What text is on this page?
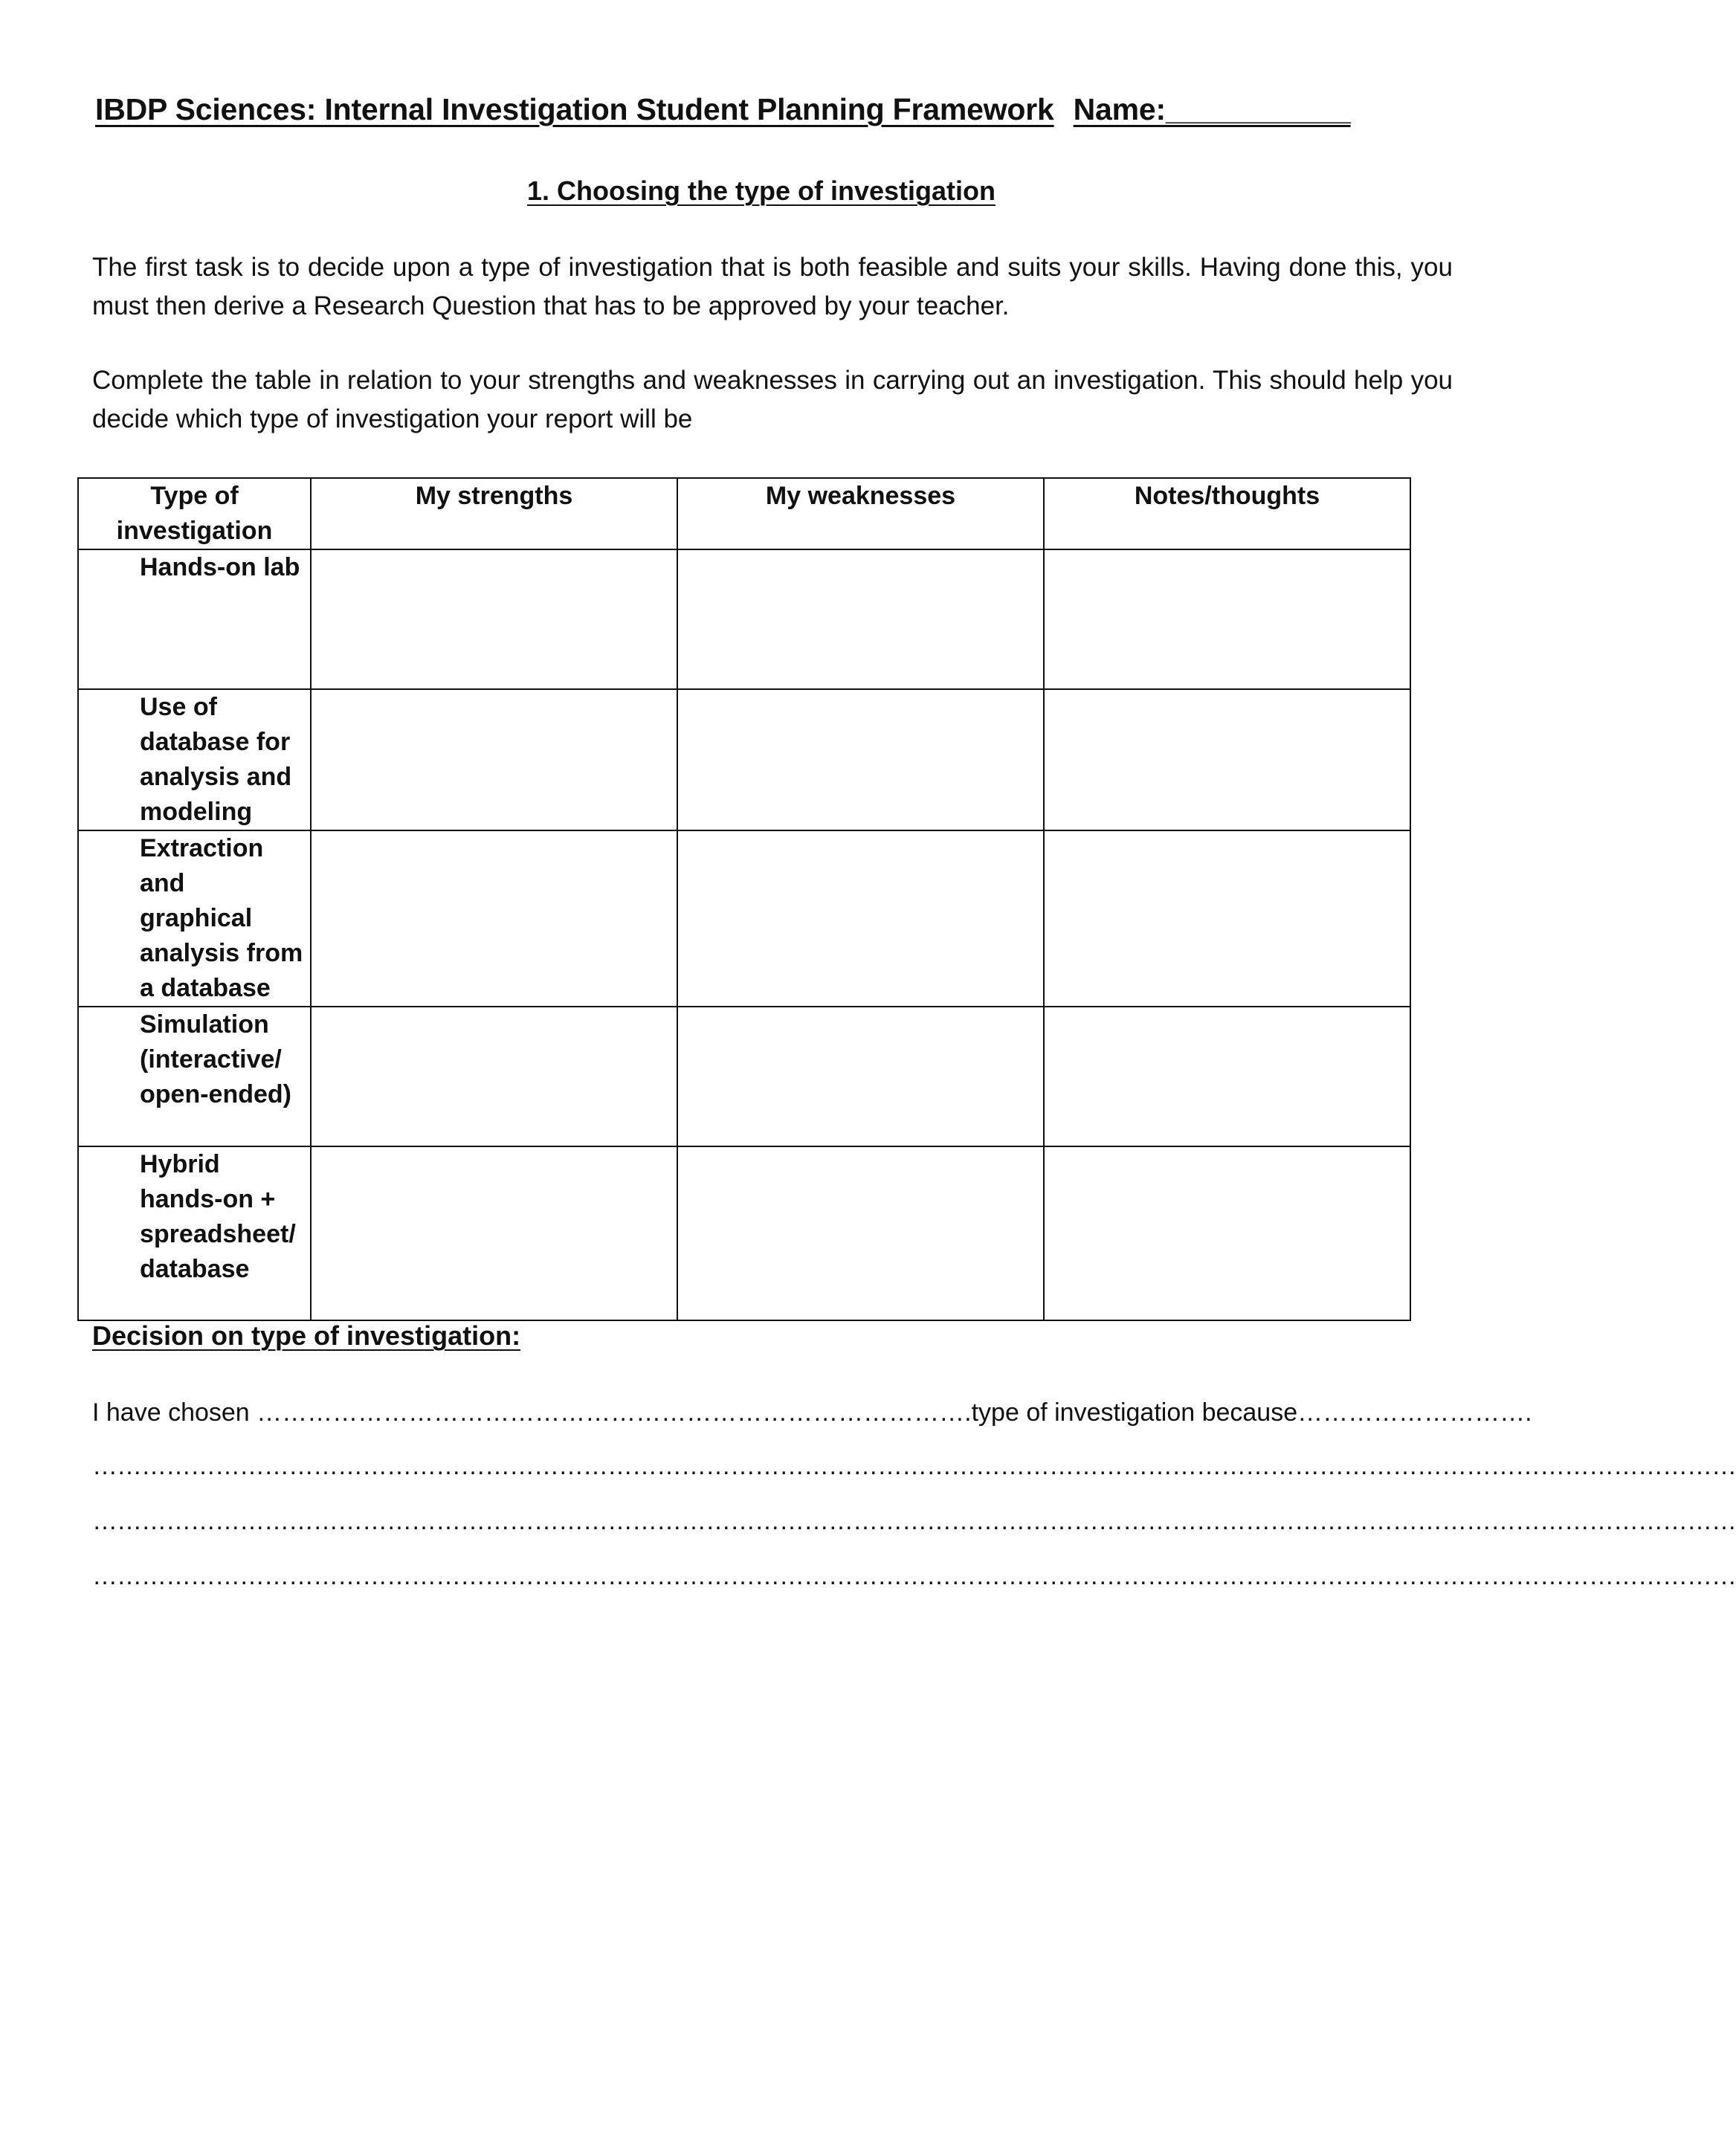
IBDP Sciences: Internal Investigation Student Planning Framework Name:___________
1. Choosing the type of investigation
The first task is to decide upon a type of investigation that is both feasible and suits your skills. Having done this, you must then derive a Research Question that has to be approved by your teacher.
Complete the table in relation to your strengths and weaknesses in carrying out an investigation. This should help you decide which type of investigation your report will be
Type of investigation	My strengths	My weaknesses	Notes/thoughts
Hands-on lab			
Use of database for analysis and modeling			
Extraction and graphical analysis from a database			
Simulation (interactive/ open-ended)			
Hybrid hands-on + spreadsheet/ database			
Decision on type of investigation:
I have chosen ………………………………………………………………………….type of investigation because……………………….
…………………………………………………………………………………………………………………………………………………………………………………
…………………………………………………………………………………………………………………………………………………………………………………
…………………………………………………………………………………………………………………………………………………………………………………
